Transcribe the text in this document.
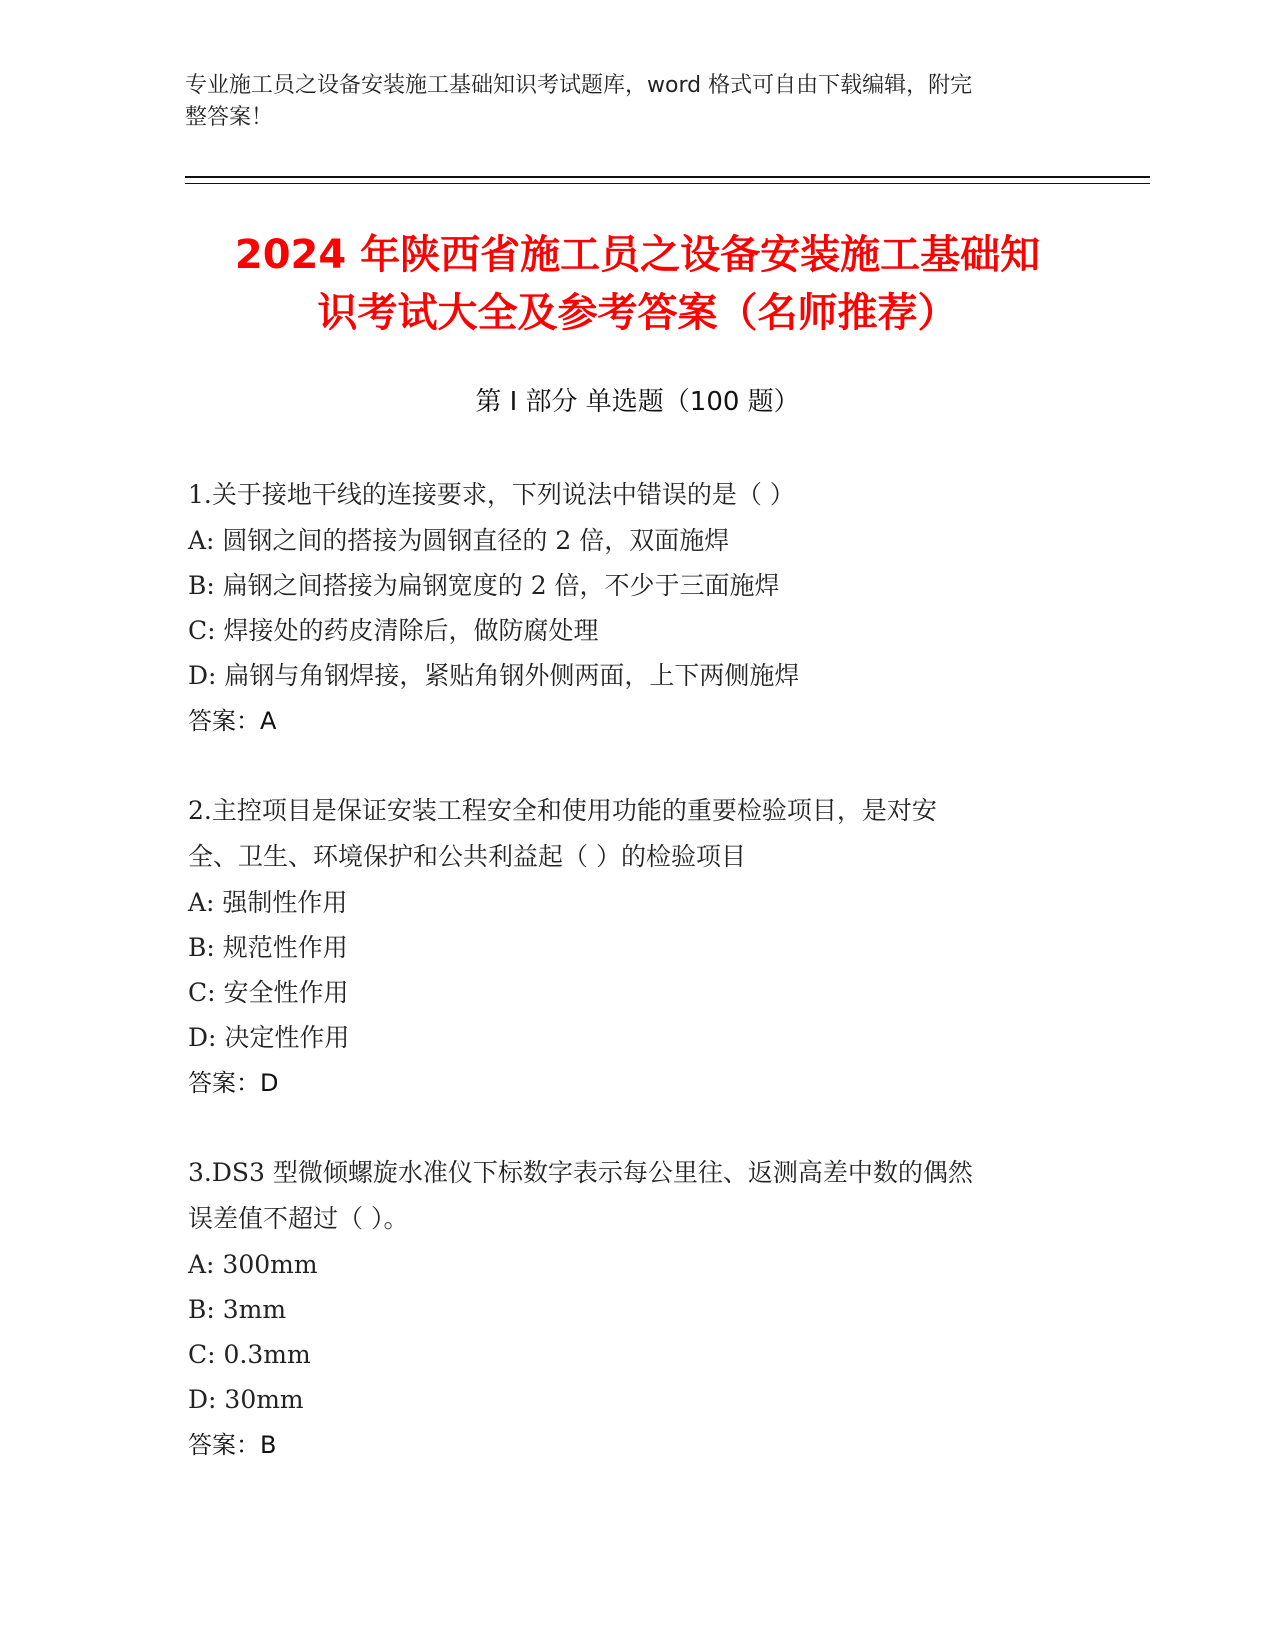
专业施工员之设备安装施工基础知识考试题库，word 格式可自由下载编辑，附完
整答案！
2024 年陕西省施工员之设备安装施工基础知
识考试大全及参考答案（名师推荐）
第 I 部分 单选题（100 题）
1.关于接地干线的连接要求，下列说法中错误的是（ ）
A: 圆钢之间的搭接为圆钢直径的 2 倍，双面施焊
B: 扁钢之间搭接为扁钢宽度的 2 倍，不少于三面施焊
C: 焊接处的药皮清除后，做防腐处理
D: 扁钢与角钢焊接，紧贴角钢外侧两面，上下两侧施焊
答案：A
2.主控项目是保证安装工程安全和使用功能的重要检验项目，是对安
全、卫生、环境保护和公共利益起（ ）的检验项目
A: 强制性作用
B: 规范性作用
C: 安全性作用
D: 决定性作用
答案：D
3.DS3 型微倾螺旋水准仪下标数字表示每公里往、返测高差中数的偶然
误差值不超过（ ）。
A: 300mm
B: 3mm
C: 0.3mm
D: 30mm
答案：B
